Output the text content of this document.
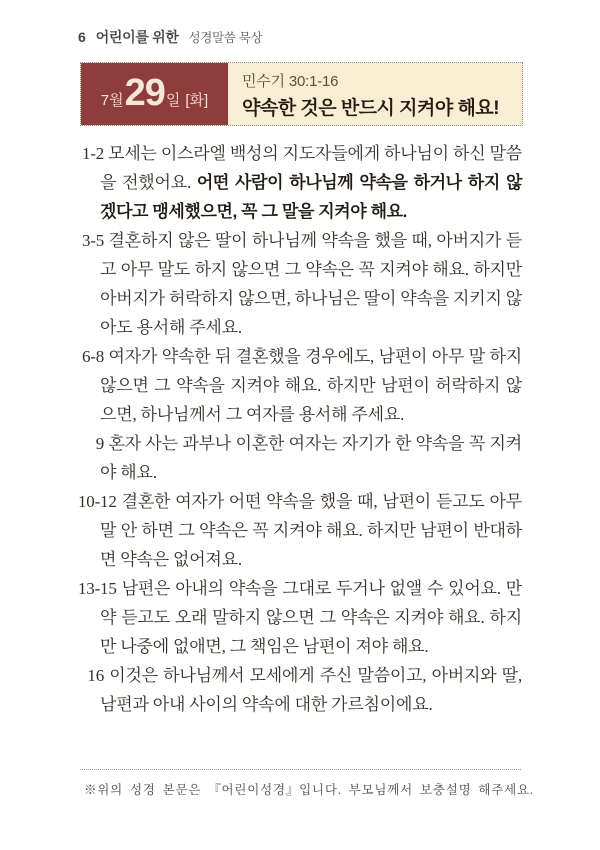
6 어린이를 위한 성경말씀 묵상
7월29일 [화]
민수기 30:1-16
약속한 것은 반드시 지켜야 해요!
1-2 모세는 이스라엘 백성의 지도자들에게 하나님이 하신 말씀을 전했어요. 어떤 사람이 하나님께 약속을 하거나 하지 않겠다고 맹세했으면, 꼭 그 말을 지켜야 해요.
3-5 결혼하지 않은 딸이 하나님께 약속을 했을 때, 아버지가 듣고 아무 말도 하지 않으면 그 약속은 꼭 지켜야 해요. 하지만 아버지가 허락하지 않으면, 하나님은 딸이 약속을 지키지 않아도 용서해 주세요.
6-8 여자가 약속한 뒤 결혼했을 경우에도, 남편이 아무 말 하지 않으면 그 약속을 지켜야 해요. 하지만 남편이 허락하지 않으면, 하나님께서 그 여자를 용서해 주세요.
9 혼자 사는 과부나 이혼한 여자는 자기가 한 약속을 꼭 지켜야 해요.
10-12 결혼한 여자가 어떤 약속을 했을 때, 남편이 듣고도 아무 말 안 하면 그 약속은 꼭 지켜야 해요. 하지만 남편이 반대하면 약속은 없어져요.
13-15 남편은 아내의 약속을 그대로 두거나 없앨 수 있어요. 만약 듣고도 오래 말하지 않으면 그 약속은 지켜야 해요. 하지만 나중에 없애면, 그 책임은 남편이 져야 해요.
16 이것은 하나님께서 모세에게 주신 말씀이고, 아버지와 딸, 남편과 아내 사이의 약속에 대한 가르침이에요.
※위의 성경 본문은 『어린이성경』입니다. 부모님께서 보충설명 해주세요.
